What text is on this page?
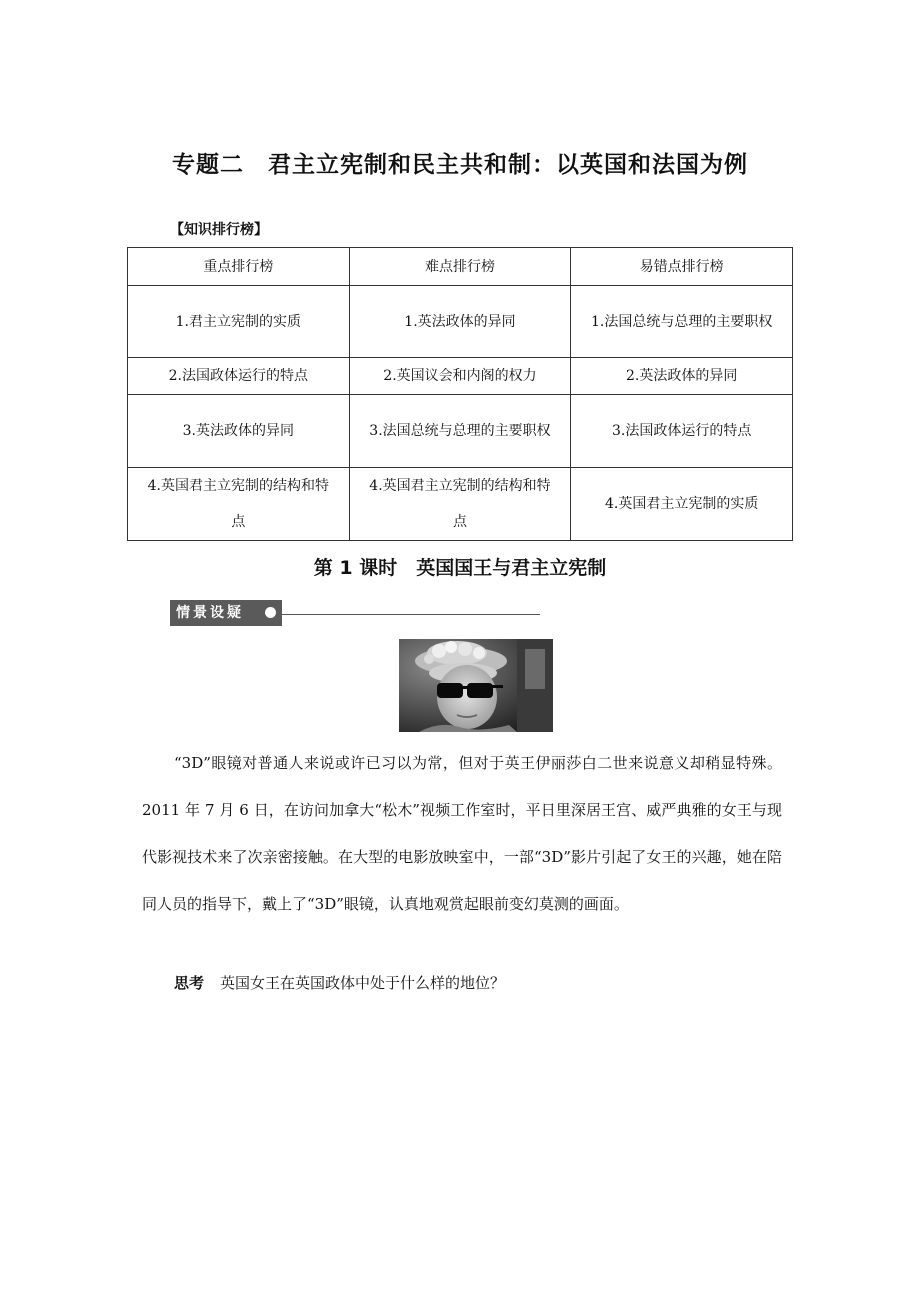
专题二　君主立宪制和民主共和制：以英国和法国为例
【知识排行榜】
重点排行榜	难点排行榜	易错点排行榜
1.君主立宪制的实质	1.英法政体的异同	1.法国总统与总理的主要职权
2.法国政体运行的特点	2.英国议会和内阁的权力	2.英法政体的异同
3.英法政体的异同	3.法国总统与总理的主要职权	3.法国政体运行的特点
4.英国君主立宪制的结构和特点	4.英国君主立宪制的结构和特点	4.英国君主立宪制的实质
第 1 课时　英国国王与君主立宪制
情景设疑

“3D”眼镜对普通人来说或许已习以为常，但对于英王伊丽莎白二世来说意义却稍显特殊。2011 年 7 月 6 日，在访问加拿大“松木”视频工作室时，平日里深居王宫、威严典雅的女王与现代影视技术来了次亲密接触。在大型的电影放映室中，一部“3D”影片引起了女王的兴趣，她在陪同人员的指导下，戴上了“3D”眼镜，认真地观赏起眼前变幻莫测的画面。

思考 英国女王在英国政体中处于什么样的地位？
